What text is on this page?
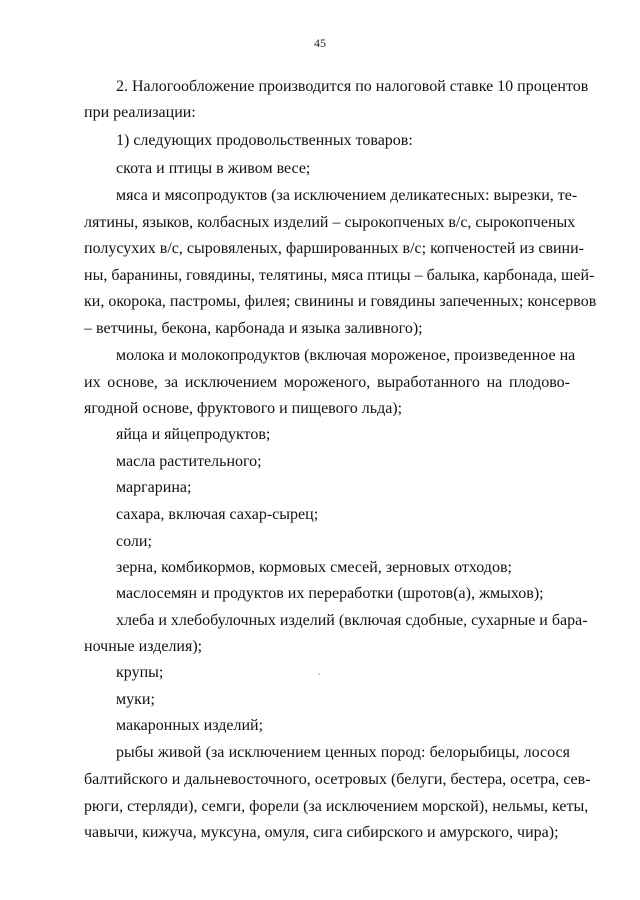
45
2. Налогообложение производится по налоговой ставке 10 процентов
при реализации:
1) следующих продовольственных товаров:
скота и птицы в живом весе;
мяса и мясопродуктов (за исключением деликатесных: вырезки, те-
лятины, языков, колбасных изделий – сырокопченых в/с, сырокопченых
полусухих в/с, сыровяленых, фаршированных в/с; копченостей из свини-
ны, баранины, говядины, телятины, мяса птицы – балыка, карбонада, шей-
ки, окорока, пастромы, филея; свинины и говядины запеченных; консервов
– ветчины, бекона, карбонада и языка заливного);
молока и молокопродуктов (включая мороженое, произведенное на
их основе, за исключением мороженого, выработанного на плодово-
ягодной основе, фруктового и пищевого льда);
яйца и яйцепродуктов;
масла растительного;
маргарина;
сахара, включая сахар-сырец;
соли;
зерна, комбикормов, кормовых смесей, зерновых отходов;
маслосемян и продуктов их переработки (шротов(а), жмыхов);
хлеба и хлебобулочных изделий (включая сдобные, сухарные и бара-
ночные изделия);
крупы;
муки;
макаронных изделий;
рыбы живой (за исключением ценных пород: белорыбицы, лосося
балтийского и дальневосточного, осетровых (белуги, бестера, осетра, сев-
рюги, стерляди), семги, форели (за исключением морской), нельмы, кеты,
чавычи, кижуча, муксуна, омуля, сига сибирского и амурского, чира);
